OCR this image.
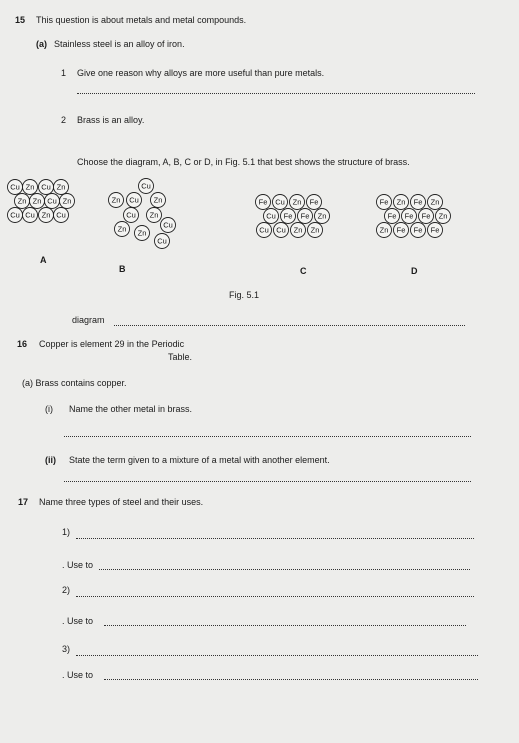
15 This question is about metals and metal compounds.
(a) Stainless steel is an alloy of iron.
1 Give one reason why alloys are more useful than pure metals.
2 Brass is an alloy.
Choose the diagram, A, B, C or D, in Fig. 5.1 that best shows the structure of brass.
Cu Zn Cu Zn
Zn Zn Cu Zn
Cu Cu Zn Cu
Cu
Zn Cu Zn
Cu Zn
Zn
Cu
Zn
Cu
Fe Cu Zn Fe
Cu Fe Fe Zn
Cu Cu Zn Zn
Fe Zn Fe Zn
Fe Fe Fe Zn
Zn Fe Fe Fe
A
B	C	D
Fig. 5.1
diagram
16 Copper is element 29 in the Periodic
Table.
(a) Brass contains copper.
(i) Name the other metal in brass.
(ii) State the term given to a mixture of a metal with another element.
17 Name three types of steel and their uses.
1)
. Use to
2)
. Use to
3)
. Use to
